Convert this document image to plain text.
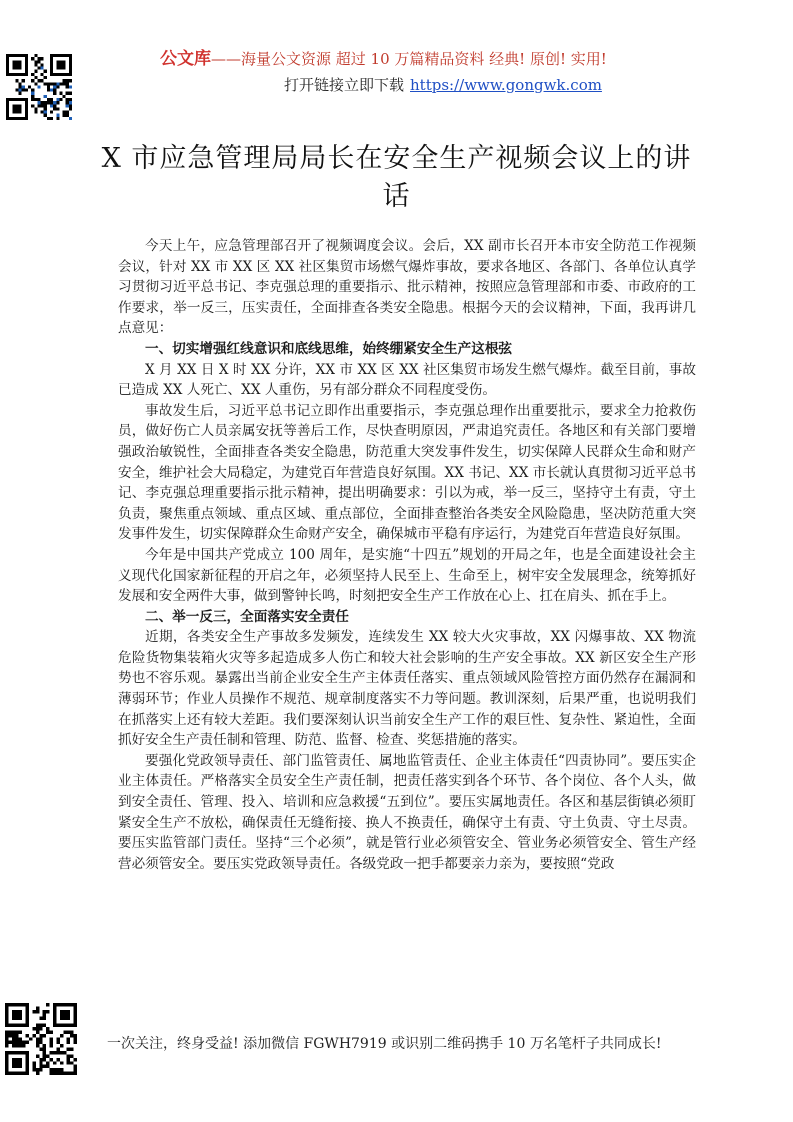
公文库——海量公文资源 超过 10 万篇精品资料 经典! 原创! 实用!
打开链接立即下载 https://www.gongwk.com
X 市应急管理局局长在安全生产视频会议上的讲话

今天上午，应急管理部召开了视频调度会议。会后，XX 副市长召开本市安全防范工作视频会议，针对 XX 市 XX 区 XX 社区集贸市场燃气爆炸事故，要求各地区、各部门、各单位认真学习贯彻习近平总书记、李克强总理的重要指示、批示精神，按照应急管理部和市委、市政府的工作要求，举一反三，压实责任，全面排查各类安全隐患。根据今天的会议精神，下面，我再讲几点意见：

一、切实增强红线意识和底线思维，始终绷紧安全生产这根弦

X 月 XX 日 X 时 XX 分许，XX 市 XX 区 XX 社区集贸市场发生燃气爆炸。截至目前，事故已造成 XX 人死亡、XX 人重伤，另有部分群众不同程度受伤。

事故发生后，习近平总书记立即作出重要指示，李克强总理作出重要批示，要求全力抢救伤员，做好伤亡人员亲属安抚等善后工作，尽快查明原因，严肃追究责任。各地区和有关部门要增强政治敏锐性，全面排查各类安全隐患，防范重大突发事件发生，切实保障人民群众生命和财产安全，维护社会大局稳定，为建党百年营造良好氛围。XX 书记、XX 市长就认真贯彻习近平总书记、李克强总理重要指示批示精神，提出明确要求：引以为戒，举一反三，坚持守土有责，守土负责，聚焦重点领域、重点区域、重点部位，全面排查整治各类安全风险隐患，坚决防范重大突发事件发生，切实保障群众生命财产安全，确保城市平稳有序运行，为建党百年营造良好氛围。

今年是中国共产党成立 100 周年，是实施“十四五”规划的开局之年，也是全面建设社会主义现代化国家新征程的开启之年，必须坚持人民至上、生命至上，树牢安全发展理念，统筹抓好发展和安全两件大事，做到警钟长鸣，时刻把安全生产工作放在心上、扛在肩头、抓在手上。

二、举一反三，全面落实安全责任

近期，各类安全生产事故多发频发，连续发生 XX 较大火灾事故，XX 闪爆事故、XX 物流危险货物集装箱火灾等多起造成多人伤亡和较大社会影响的生产安全事故。XX 新区安全生产形势也不容乐观。暴露出当前企业安全生产主体责任落实、重点领域风险管控方面仍然存在漏洞和薄弱环节；作业人员操作不规范、规章制度落实不力等问题。教训深刻，后果严重，也说明我们在抓落实上还有较大差距。我们要深刻认识当前安全生产工作的艰巨性、复杂性、紧迫性，全面抓好安全生产责任制和管理、防范、监督、检查、奖惩措施的落实。

要强化党政领导责任、部门监管责任、属地监管责任、企业主体责任“四责协同”。要压实企业主体责任。严格落实全员安全生产责任制，把责任落实到各个环节、各个岗位、各个人头，做到安全责任、管理、投入、培训和应急救援“五到位”。要压实属地责任。各区和基层街镇必须盯紧安全生产不放松，确保责任无缝衔接、换人不换责任，确保守土有责、守土负责、守土尽责。要压实监管部门责任。坚持“三个必须”，就是管行业必须管安全、管业务必须管安全、管生产经营必须管安全。要压实党政领导责任。各级党政一把手都要亲力亲为，要按照“党政

一次关注，终身受益! 添加微信 FGWH7919 或识别二维码携手 10 万名笔杆子共同成长!
